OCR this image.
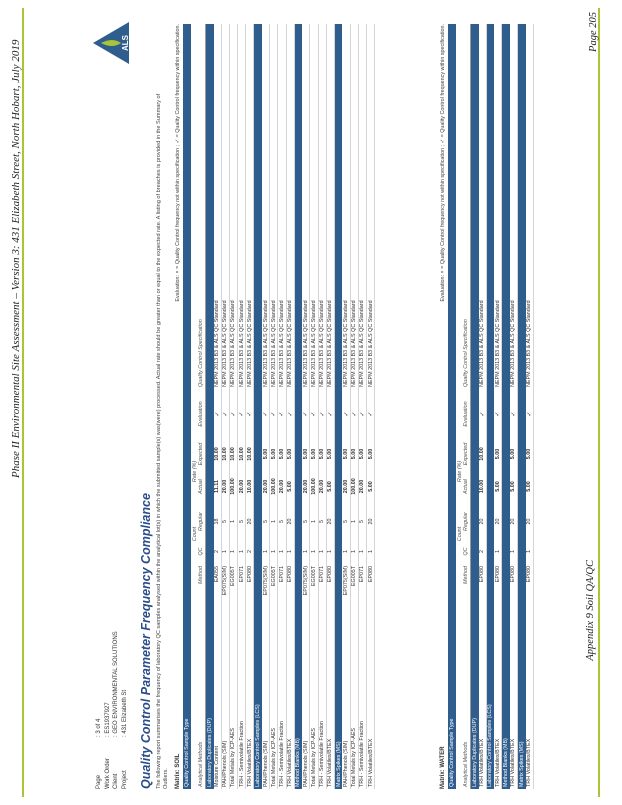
Phase II Environmental Site Assessment – Version 3: 431 Elizabeth Street, North Hobart, July 2019
Appendix 9 Soil QA/QC
Page 205
Page
: 3 of 4
Work Order
: ES1937927
Client
: GEO ENVIRONMENTAL SOLUTIONS
Project
: 431 Elizabeth St
ALS
Quality Control Parameter Frequency Compliance The following report summarises the frequency of laboratory QC samples analysed within the analytical lot(s) in which the submitted sample(s) was(were) processed. Actual rate should be greater than or equal to the expected rate. A listing of breaches is provided in the Summary of Outliers. Matrix: SOIL
Evaluation: × = Quality Control frequency not within specification ; ✓ = Quality Control frequency within specification.
Quality Control Sample Type	Analytical Methods
Method
QC
Regular
Actual
Expected
Evaluation
Quality Control Specification
Count
Rate (%)
Laboratory Duplicates (DUP) Moisture Content
EA055
2
18
11.11
10.00
✓
NEPM 2013 B3 & ALS QC Standard
PAH/Phenols (SIM)
EP075(SIM)
1
5
20.00
10.00
✓
NEPM 2013 B3 & ALS QC Standard
Total Metals by ICP-AES
EG005T
1
1
100.00
10.00
✓
NEPM 2013 B3 & ALS QC Standard
TRH - Semivolatile Fraction
EP071
1
5
20.00
10.00
✓
NEPM 2013 B3 & ALS QC Standard
TRH Volatiles/BTEX
EP080
2
20
10.00
10.00
✓
NEPM 2013 B3 & ALS QC Standard
Laboratory Control Samples (LCS) PAH/Phenols (SIM)
EP075(SIM)
1
5
20.00
5.00
✓
NEPM 2013 B3 & ALS QC Standard
Total Metals by ICP-AES
EG005T
1
1
100.00
5.00
✓
NEPM 2013 B3 & ALS QC Standard
TRH - Semivolatile Fraction
EP071
1
5
20.00
5.00
✓
NEPM 2013 B3 & ALS QC Standard
TRH Volatiles/BTEX
EP080
1
20
5.00
5.00
✓
NEPM 2013 B3 & ALS QC Standard
Method Blanks (MB) PAH/Phenols (SIM)
EP075(SIM)
1
5
20.00
5.00
✓
NEPM 2013 B3 & ALS QC Standard
Total Metals by ICP-AES
EG005T
1
1
100.00
5.00
✓
NEPM 2013 B3 & ALS QC Standard
TRH - Semivolatile Fraction
EP071
1
5
20.00
5.00
✓
NEPM 2013 B3 & ALS QC Standard
TRH Volatiles/BTEX
EP080
1
20
5.00
5.00
✓
NEPM 2013 B3 & ALS QC Standard
Matrix Spikes (MS) PAH/Phenols (SIM)
EP075(SIM)
1
5
20.00
5.00
✓
NEPM 2013 B3 & ALS QC Standard
Total Metals by ICP-AES
EG005T
1
1
100.00
5.00
✓
NEPM 2013 B3 & ALS QC Standard
TRH - Semivolatile Fraction
EP071
1
5
20.00
5.00
✓
NEPM 2013 B3 & ALS QC Standard
TRH Volatiles/BTEX
EP080
1
20
5.00
5.00
✓
NEPM 2013 B3 & ALS QC Standard
Matrix: WATER
Evaluation: × = Quality Control frequency not within specification ; ✓ = Quality Control frequency within specification.
Quality Control Sample Type	Analytical Methods
Method
QC
Regular
Actual
Expected
Evaluation
Quality Control Specification
Count
Rate (%)
Laboratory Duplicates (DUP) TRH Volatiles/BTEX
EP080
2
20
10.00
10.00
✓
NEPM 2013 B3 & ALS QC Standard
Laboratory Control Samples (LCS) TRH Volatiles/BTEX
EP080
1
20
5.00
5.00
✓
NEPM 2013 B3 & ALS QC Standard
Method Blanks (MB) TRH Volatiles/BTEX
EP080
1
20
5.00
5.00
✓
NEPM 2013 B3 & ALS QC Standard
Matrix Spikes (MS) TRH Volatiles/BTEX
EP080
1
20
5.00
5.00
✓
NEPM 2013 B3 & ALS QC Standard
